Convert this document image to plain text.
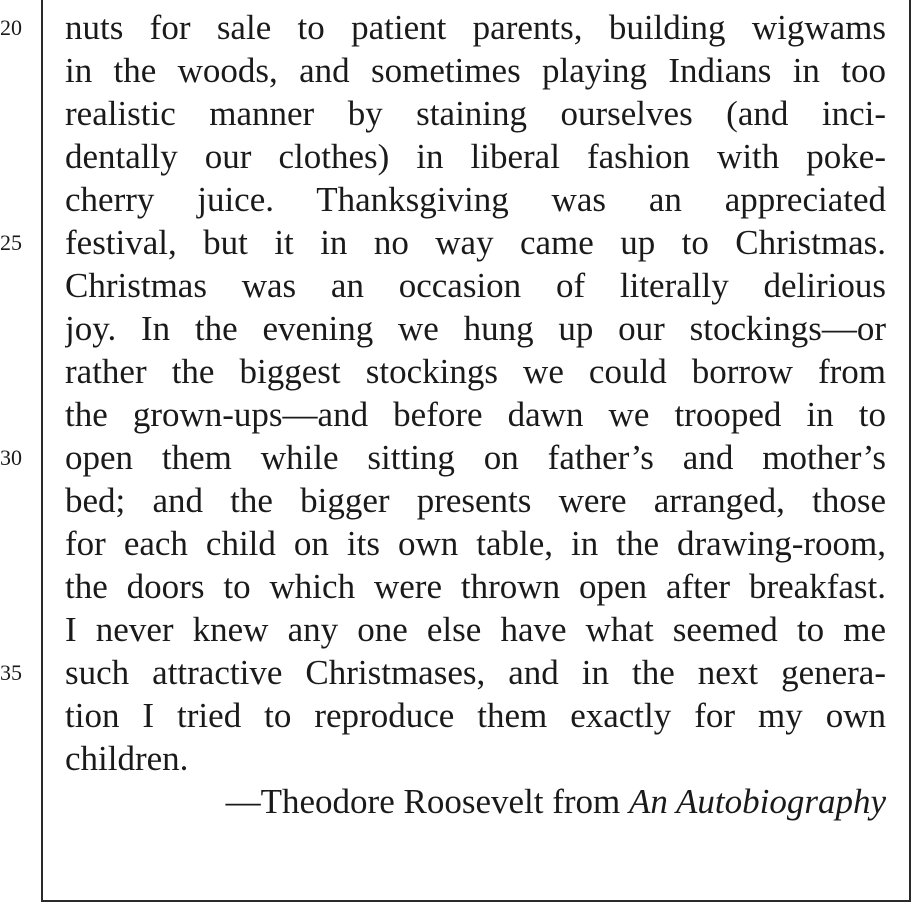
nuts for sale to patient parents, building wigwams
in the woods, and sometimes playing Indians in too
realistic manner by staining ourselves (and inci-
dentally our clothes) in liberal fashion with poke-
cherry juice. Thanksgiving was an appreciated
festival, but it in no way came up to Christmas.
Christmas was an occasion of literally delirious
joy. In the evening we hung up our stockings—or
rather the biggest stockings we could borrow from
the grown-ups—and before dawn we trooped in to
open them while sitting on father’s and mother’s
bed; and the bigger presents were arranged, those
for each child on its own table, in the drawing-room,
the doors to which were thrown open after breakfast.
I never knew any one else have what seemed to me
such attractive Christmases, and in the next genera-
tion I tried to reproduce them exactly for my own
children.
—Theodore Roosevelt from An Autobiography
20
25
30
35
